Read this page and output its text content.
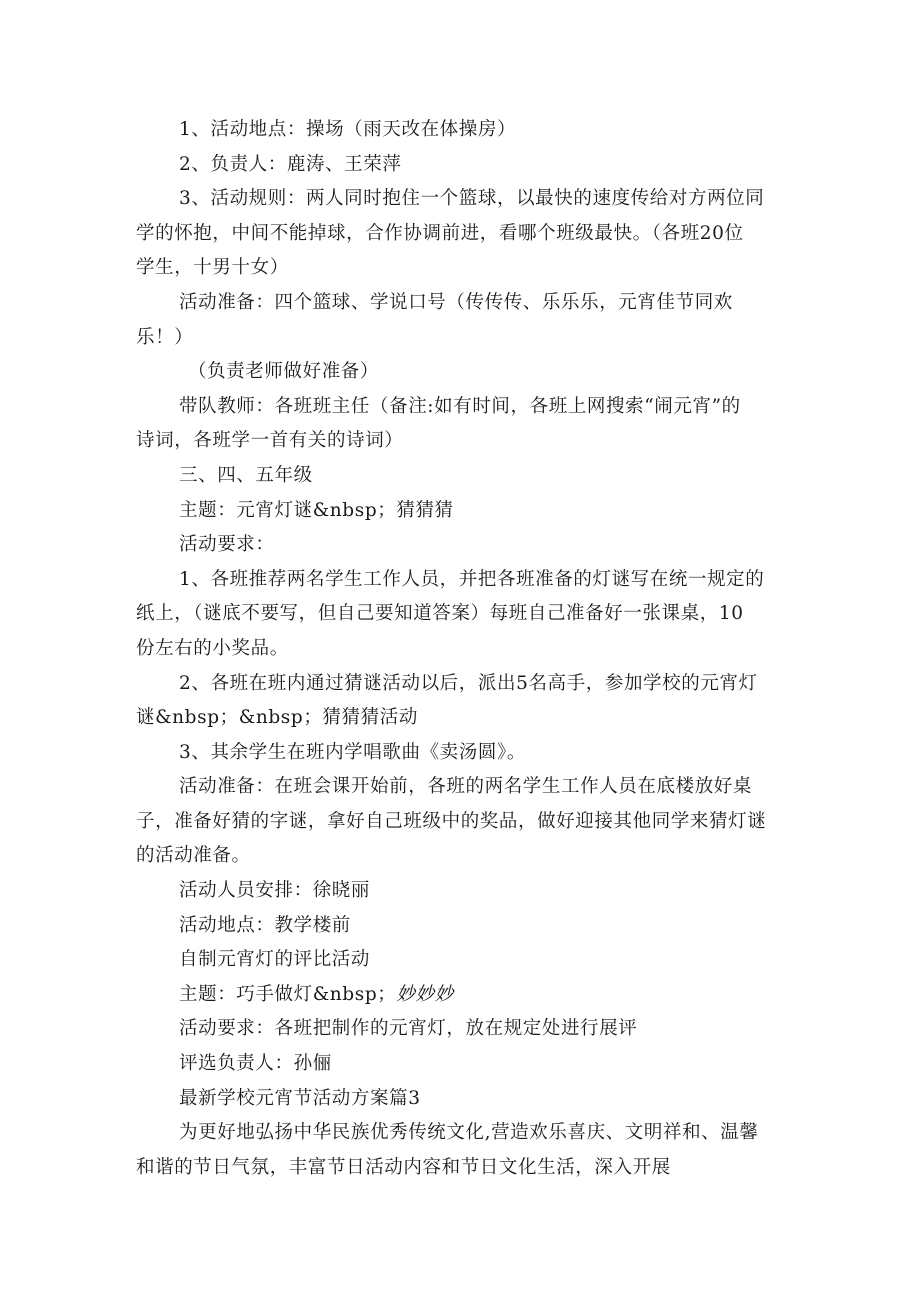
1、活动地点：操场（雨天改在体操房）
2、负责人：鹿涛、王荣萍
3、活动规则：两人同时抱住一个篮球，以最快的速度传给对方两位同
学的怀抱，中间不能掉球，合作协调前进，看哪个班级最快。（各班20位
学生，十男十女）
活动准备：四个篮球、学说口号（传传传、乐乐乐，元宵佳节同欢
乐！）
（负责老师做好准备）
带队教师：各班班主任（备注:如有时间，各班上网搜索“闹元宵”的
诗词，各班学一首有关的诗词）
三、四、五年级
主题：元宵灯谜&nbsp；猜猜猜
活动要求：
1、各班推荐两名学生工作人员，并把各班准备的灯谜写在统一规定的
纸上，（谜底不要写，但自己要知道答案）每班自己准备好一张课桌，10
份左右的小奖品。
2、各班在班内通过猜谜活动以后，派出5名高手，参加学校的元宵灯
谜&nbsp；&nbsp；猜猜猜活动
3、其余学生在班内学唱歌曲《卖汤圆》。
活动准备：在班会课开始前，各班的两名学生工作人员在底楼放好桌
子，准备好猜的字谜，拿好自己班级中的奖品，做好迎接其他同学来猜灯谜
的活动准备。
活动人员安排：徐晓丽
活动地点：教学楼前
自制元宵灯的评比活动
主题：巧手做灯&nbsp；妙妙妙
活动要求：各班把制作的元宵灯，放在规定处进行展评
评选负责人：孙俪
最新学校元宵节活动方案篇3
为更好地弘扬中华民族优秀传统文化,营造欢乐喜庆、文明祥和、温馨
和谐的节日气氛，丰富节日活动内容和节日文化生活，深入开展
